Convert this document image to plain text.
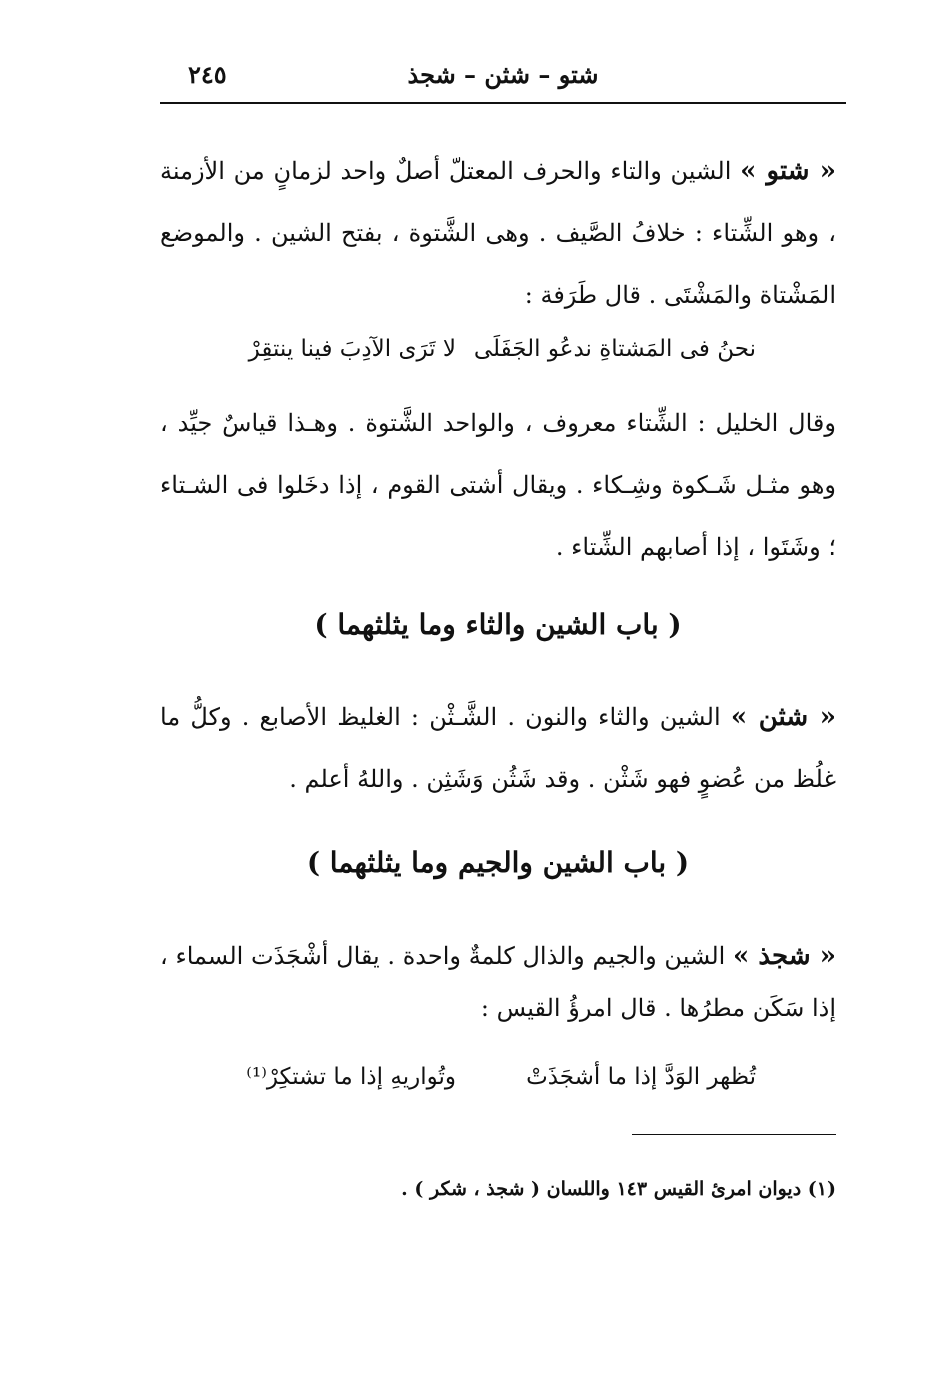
٢٤٥	شتو – شثن – شجذ
« شتو » الشين والتاء والحرف المعتلّ أصلٌ واحد لزمانٍ من الأزمنة ، وهو الشِّتاء : خلافُ الصَّيف . وهى الشَّتوة ، بفتح الشين . والموضع المَشْتاة والمَشْتَى . قال طَرَفة :
نحنُ فى المَشتاةِ ندعُو الجَفَلَى
لا تَرَى الآدِبَ فينا ينتقِرْ
وقال الخليل : الشِّتاء معروف ، والواحد الشَّتوة . وهـذا قياسٌ جيِّد ، وهو مثـل شَـكوة وشِـكاء . ويقال أشتى القوم ، إذا دخَلوا فى الشـتاء ؛ وشَتَوا ، إذا أصابهم الشِّتاء .
( باب الشين والثاء وما يثلثهما )
« شثن » الشين والثاء والنون . الشَّـثْن : الغليظ الأصابع . وكلُّ ما غلُظ من عُضوٍ فهو شَثْن . وقد شَثُن وَشَثِن . واللهُ أعلم .
( باب الشين والجيم وما يثلثهما )
« شجذ » الشين والجيم والذال كلمةٌ واحدة . يقال أشْجَذَت السماء ، إذا سَكَن مطرُها . قال امرؤُ القيس :
تُظهر الوَدَّ إذا ما أشجَذَتْ
وتُواريهِ إذا ما تشتكِرْ⁽¹⁾
(١) ديوان امرئ القيس ١٤٣ واللسان ( شجذ ، شكر ) .
